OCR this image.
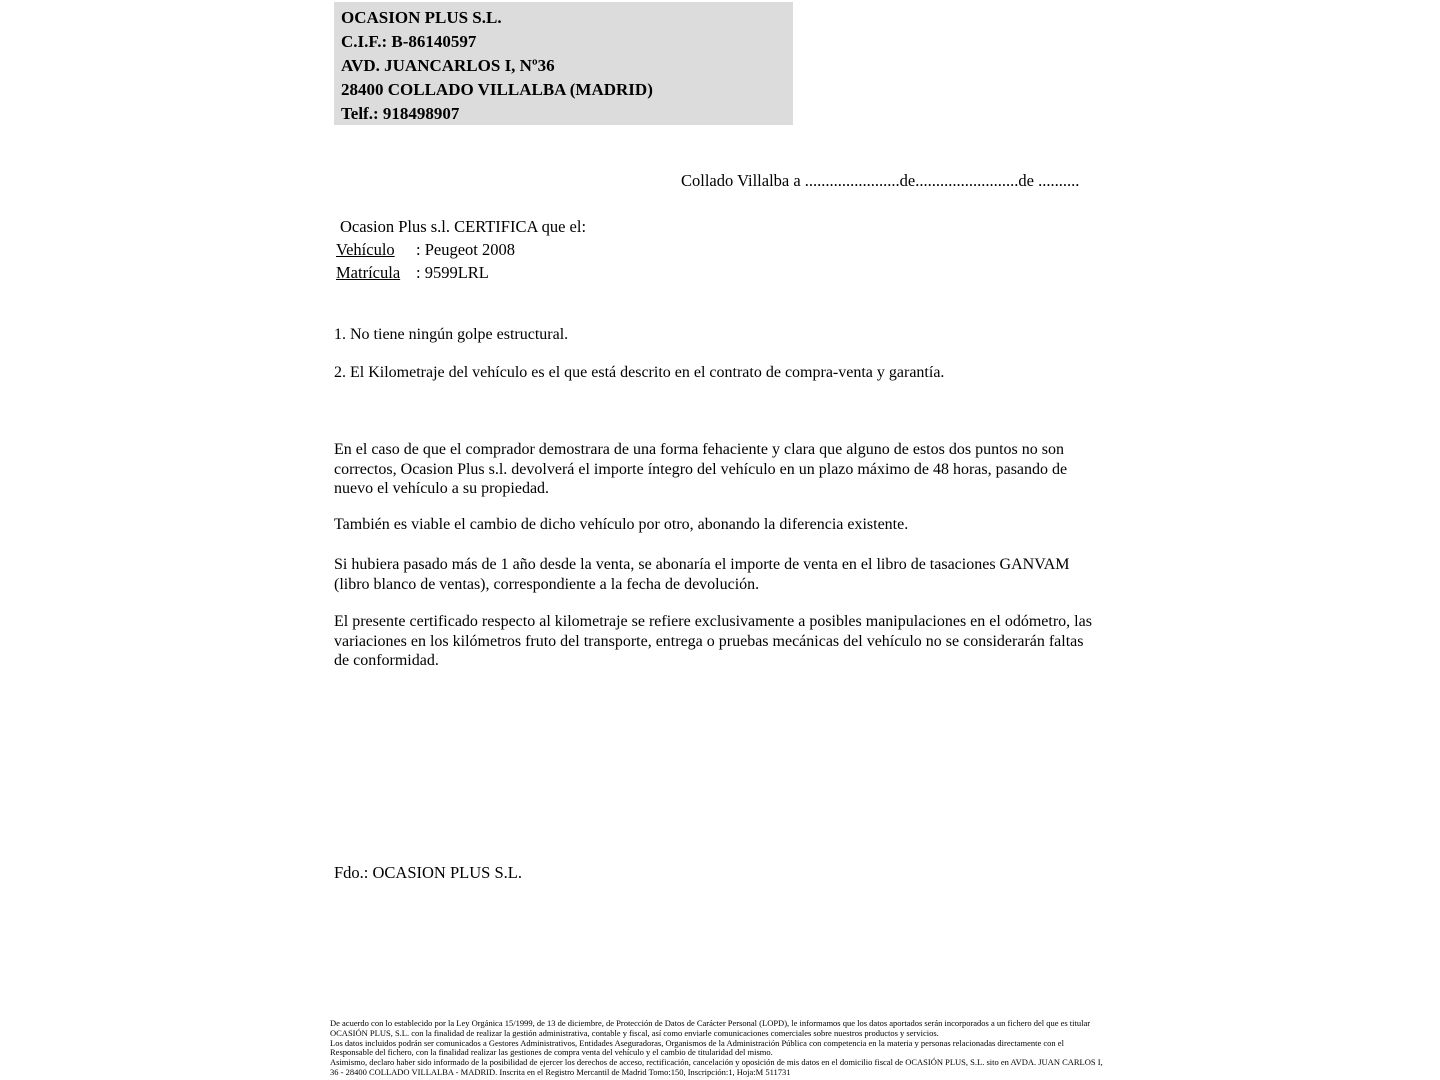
OCASION PLUS S.L.
C.I.F.: B-86140597
AVD. JUANCARLOS I, Nº36
28400 COLLADO VILLALBA (MADRID)
Telf.: 918498907
Collado Villalba a .......................de.........................de ..........
Ocasion Plus s.l. CERTIFICA que el:
Vehículo : Peugeot 2008
Matrícula : 9599LRL
1. No tiene ningún golpe estructural.
2. El Kilometraje del vehículo es el que está descrito en el contrato de compra-venta y garantía.
En el caso de que el comprador demostrara de una forma fehaciente y clara que alguno de estos dos puntos no son correctos, Ocasion Plus s.l. devolverá el importe íntegro del vehículo en un plazo máximo de 48 horas, pasando de nuevo el vehículo a su propiedad.
También es viable el cambio de dicho vehículo por otro, abonando la diferencia existente.
Si hubiera pasado más de 1 año desde la venta, se abonaría el importe de venta en el libro de tasaciones GANVAM (libro blanco de ventas), correspondiente a la fecha de devolución.
El presente certificado respecto al kilometraje se refiere exclusivamente a posibles manipulaciones en el odómetro, las variaciones en los kilómetros fruto del transporte, entrega o pruebas mecánicas del vehículo no se considerarán faltas de conformidad.
Fdo.: OCASION PLUS S.L.

De acuerdo con lo establecido por la Ley Orgánica 15/1999, de 13 de diciembre, de Protección de Datos de Carácter Personal (LOPD), le informamos que los datos aportados serán incorporados a un fichero del que es titular OCASIÓN PLUS, S.L. con la finalidad de realizar la gestión administrativa, contable y fiscal, así como enviarle comunicaciones comerciales sobre nuestros productos y servicios.

Los datos incluidos podrán ser comunicados a Gestores Administrativos, Entidades Aseguradoras, Organismos de la Administración Pública con competencia en la materia y personas relacionadas directamente con el Responsable del fichero, con la finalidad realizar las gestiones de compra venta del vehículo y el cambio de titularidad del mismo.

Asimismo, declaro haber sido informado de la posibilidad de ejercer los derechos de acceso, rectificación, cancelación y oposición de mis datos en el domicilio fiscal de OCASIÓN PLUS, S.L. sito en AVDA. JUAN CARLOS I, 36 - 28400 COLLADO VILLALBA - MADRID. Inscrita en el Registro Mercantil de Madrid Tomo:150, Inscripción:1, Hoja:M 511731
